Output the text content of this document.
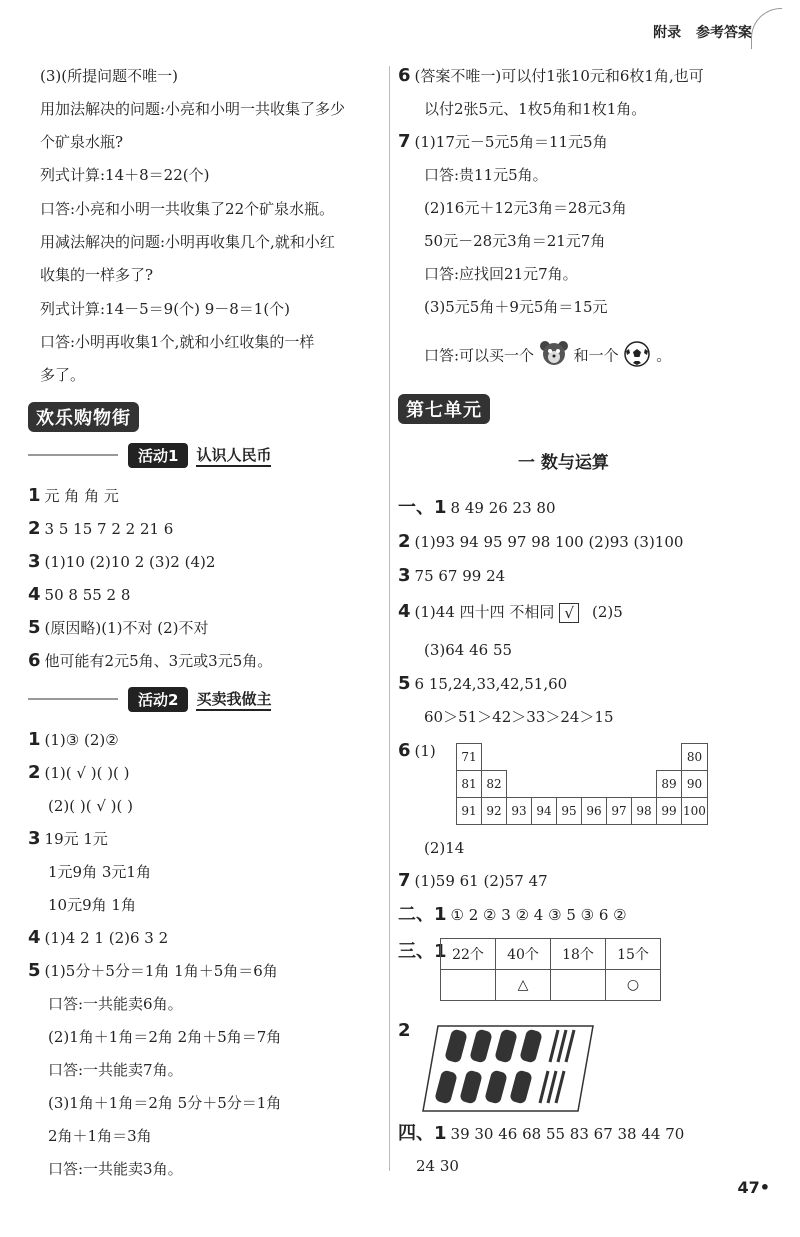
附录 参考答案
(3)(所提问题不唯一)
用加法解决的问题:小亮和小明一共收集了多少
个矿泉水瓶?
列式计算:14＋8＝22(个)
口答:小亮和小明一共收集了22个矿泉水瓶。
用减法解决的问题:小明再收集几个,就和小红
收集的一样多了?
列式计算:14－5＝9(个) 9－8＝1(个)
口答:小明再收集1个,就和小红收集的一样
多了。
欢乐购物街
活动1	认识人民币
1 元 角 角 元
2 3 5 15 7 2 2 21 6
3 (1)10 (2)10 2 (3)2 (4)2
4 50 8 55 2 8
5 (原因略)(1)不对 (2)不对
6 他可能有2元5角、3元或3元5角。
活动2	买卖我做主
1 (1)③ (2)②
2 (1)( √ )( )( )
(2)( )( √ )( )
3 19元 1元
1元9角 3元1角
10元9角 1角
4 (1)4 2 1 (2)6 3 2
5 (1)5分＋5分＝1角 1角＋5角＝6角
口答:一共能卖6角。
(2)1角＋1角＝2角 2角＋5角＝7角
口答:一共能卖7角。
(3)1角＋1角＝2角 5分＋5分＝1角
2角＋1角＝3角
口答:一共能卖3角。
6 (答案不唯一)可以付1张10元和6枚1角,也可
以付2张5元、1枚5角和1枚1角。
7 (1)17元－5元5角＝11元5角
口答:贵11元5角。
(2)16元＋12元3角＝28元3角
50元－28元3角＝21元7角
口答:应找回21元7角。
(3)5元5角＋9元5角＝15元
口答:可以买一个	和一个	。
第七单元
一 数与运算
一、1 8 49 26 23 80
2 (1)93 94 95 97 98 100 (2)93 (3)100
3 75 67 99 24
4 (1)44 四十四 不相同 √ (2)5
(3)64 46 55
5 6 15,24,33,42,51,60
60＞51＞42＞33＞24＞15
6 (1) 71									80
81	82							89	90
91	92	93	94	95	96	97	98	99	100
(2)14
7 (1)59 61 (2)57 47
二、1 ① 2 ② 3 ② 4 ③ 5 ③ 6 ②
三、1 22个	40个	18个	15个
	△		○
2
四、1 39 30 46 68 55 83 67 38 44 70
24 30
47•
